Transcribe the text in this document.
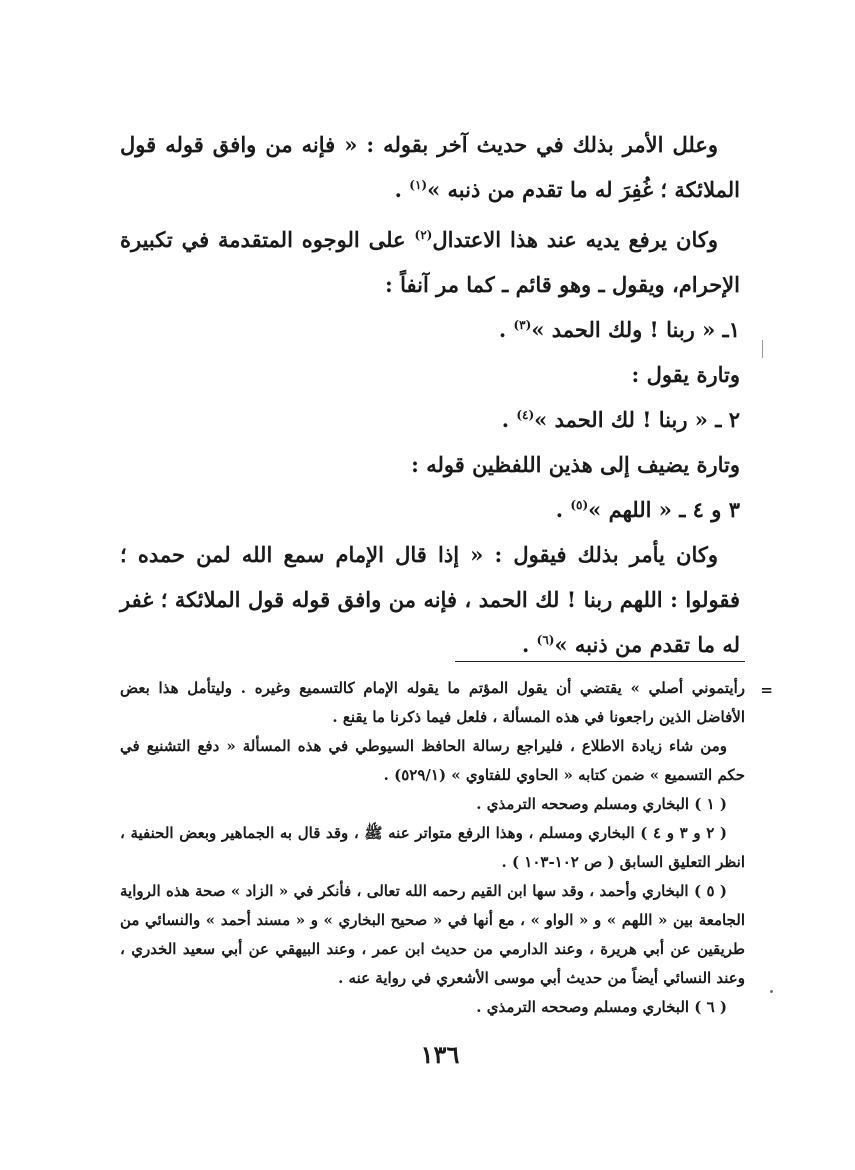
وعلل الأمر بذلك في حديث آخر بقوله : « فإنه من وافق قوله قول الملائكة ؛ غُفِرَ له ما تقدم من ذنبه »$^{(١)}$ .

وكان يرفع يديه عند هذا الاعتدال$^{(٢)}$ على الوجوه المتقدمة في تكبيرة الإحرام، ويقول ـ وهو قائم ـ كما مر آنفاً :

١ـ « ربنا ! ولك الحمد »$^{(٣)}$ .

وتارة يقول :

٢ ـ « ربنا ! لك الحمد »$^{(٤)}$ .

وتارة يضيف إلى هذين اللفظين قوله :

٣ و ٤ ـ « اللهم »$^{(٥)}$ .

وكان يأمر بذلك فيقول : « إذا قال الإمام سمع الله لمن حمده ؛ فقولوا : اللهم ربنا ! لك الحمد ، فإنه من وافق قوله قول الملائكة ؛ غفر له ما تقدم من ذنبه »$^{(٦)}$ .

=
رأيتموني أصلي » يقتضي أن يقول المؤتم ما يقوله الإمام كالتسميع وغيره . وليتأمل هذا بعض الأفاضل الذين راجعونا في هذه المسألة ، فلعل فيما ذكرنا ما يقنع .

ومن شاء زيادة الاطلاع ، فليراجع رسالة الحافظ السيوطي في هذه المسألة « دفع التشنيع في حكم التسميع » ضمن كتابه « الحاوي للفتاوي » (٥٢٩/١) .

( ١ ) البخاري ومسلم وصححه الترمذي .

( ٢ و ٣ و ٤ ) البخاري ومسلم ، وهذا الرفع متواتر عنه ﷺ ، وقد قال به الجماهير وبعض الحنفية ، انظر التعليق السابق ( ص ١٠٢-١٠٣ ) .

( ٥ ) البخاري وأحمد ، وقد سها ابن القيم رحمه الله تعالى ، فأنكر في « الزاد » صحة هذه الرواية الجامعة بين « اللهم » و « الواو » ، مع أنها في « صحيح البخاري » و « مسند أحمد » والنسائي من طريقين عن أبي هريرة ، وعند الدارمي من حديث ابن عمر ، وعند البيهقي عن أبي سعيد الخدري ، وعند النسائي أيضاً من حديث أبي موسى الأشعري في رواية عنه .

( ٦ ) البخاري ومسلم وصححه الترمذي .

١٣٦
